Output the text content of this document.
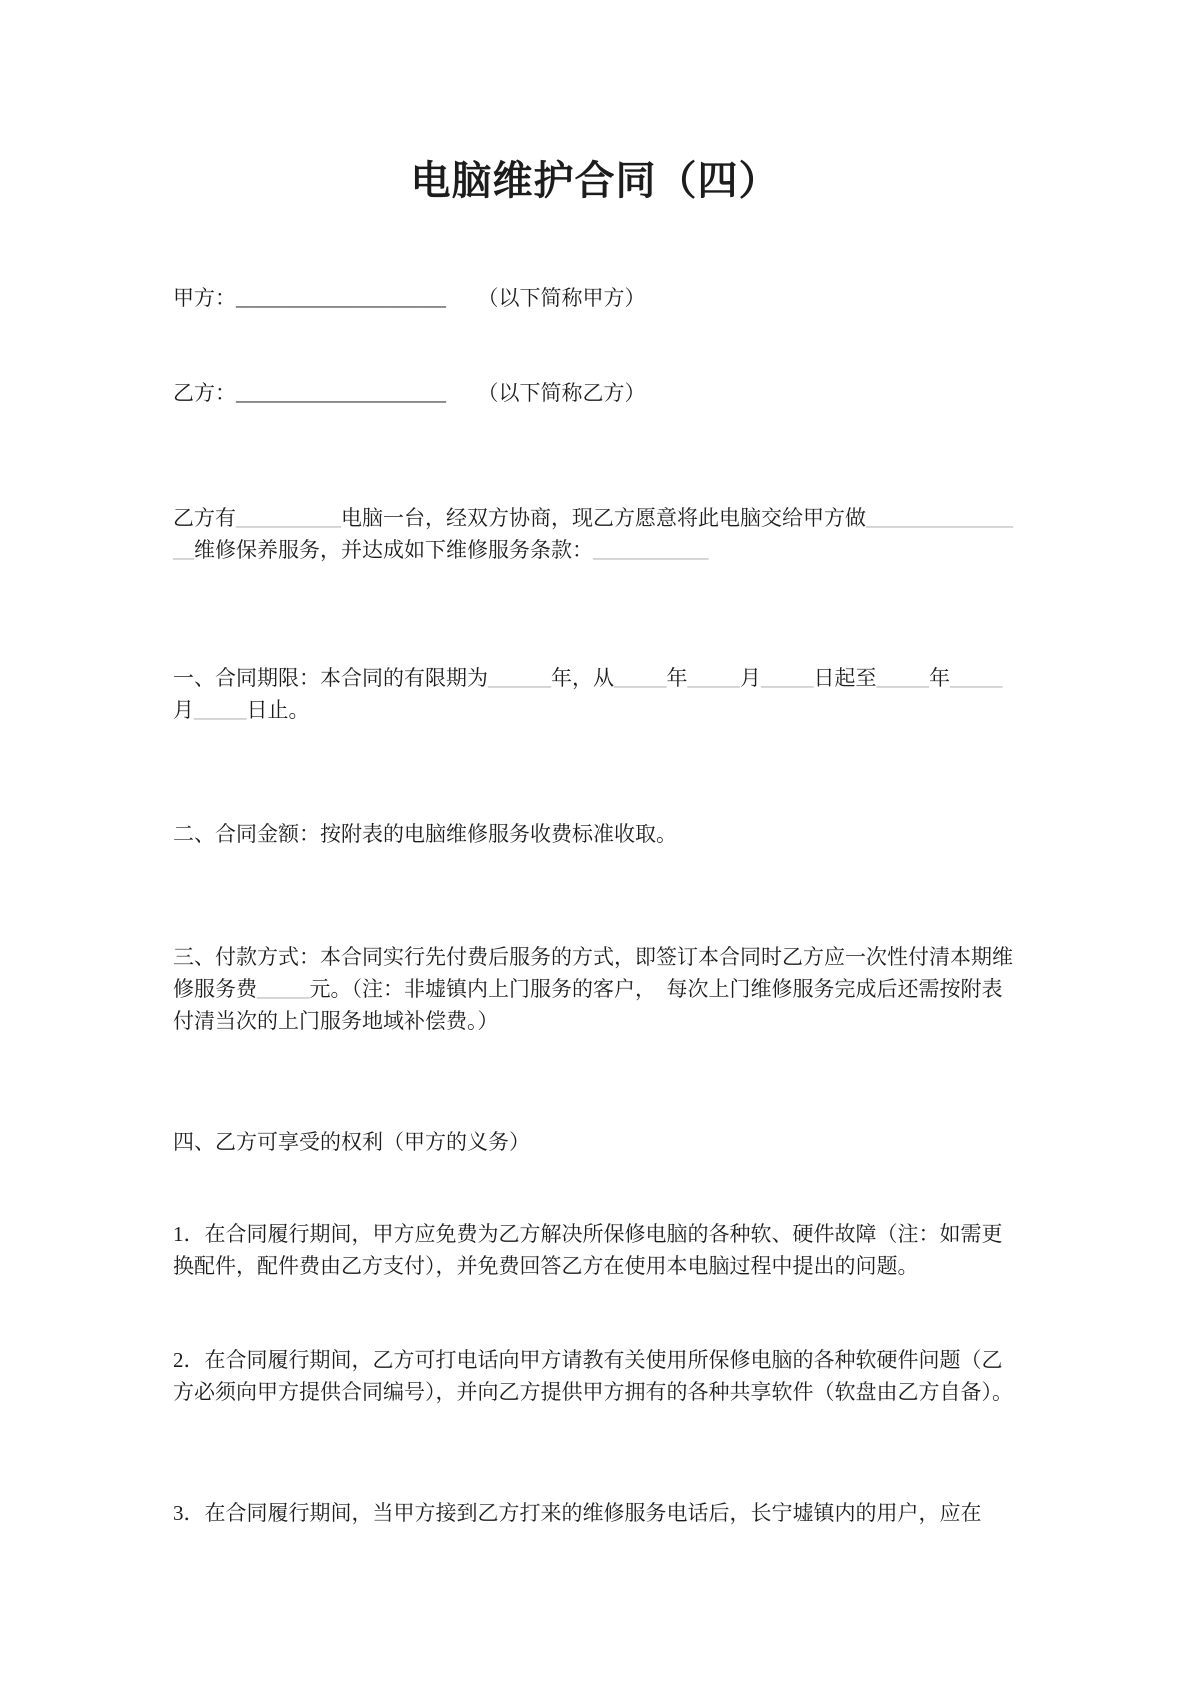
电脑维护合同（四）

甲方：____________________　　（以下简称甲方）

乙方：____________________　　（以下简称乙方）

乙方有__________电脑一台，经双方协商，现乙方愿意将此电脑交给甲方做________________维修保养服务，并达成如下维修服务条款：___________

一、合同期限：本合同的有限期为______年，从_____年_____月_____日起至_____年_____月_____日止。

二、合同金额：按附表的电脑维修服务收费标准收取。

三、付款方式：本合同实行先付费后服务的方式，即签订本合同时乙方应一次性付清本期维修服务费_____元。（注：非墟镇内上门服务的客户，　每次上门维修服务完成后还需按附表付清当次的上门服务地域补偿费。）

四、乙方可享受的权利（甲方的义务）

1．在合同履行期间，甲方应免费为乙方解决所保修电脑的各种软、硬件故障（注：如需更换配件，配件费由乙方支付），并免费回答乙方在使用本电脑过程中提出的问题。

2．在合同履行期间，乙方可打电话向甲方请教有关使用所保修电脑的各种软硬件问题（乙方必须向甲方提供合同编号），并向乙方提供甲方拥有的各种共享软件（软盘由乙方自备）。

3．在合同履行期间，当甲方接到乙方打来的维修服务电话后，长宁墟镇内的用户，应在
